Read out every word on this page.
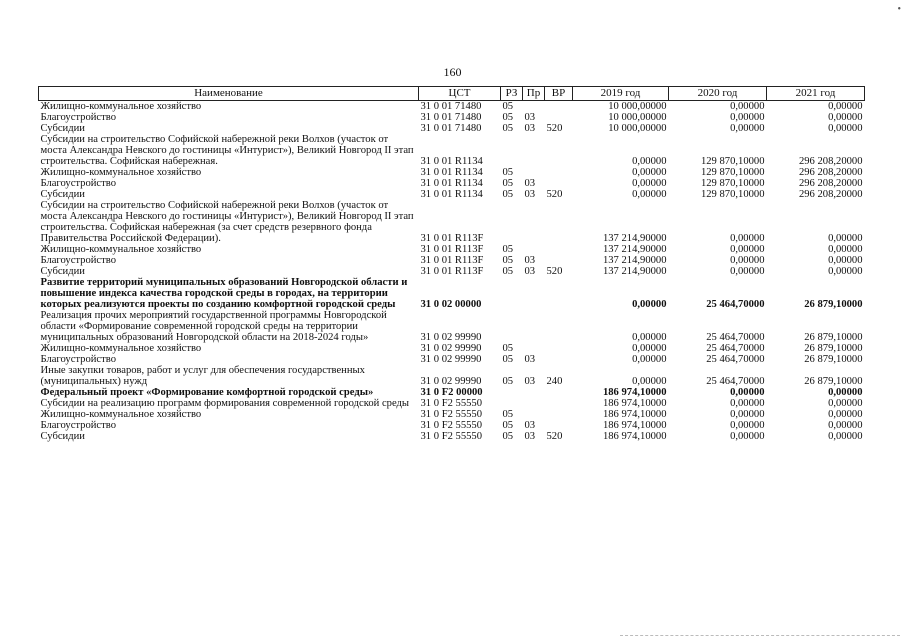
•
160
Наименование	ЦСТ	РЗ	Пр	ВР	2019 год	2020 год	2021 год
Жилищно-коммунальное хозяйство	31 0 01 71480	05			10 000,00000	0,00000	0,00000
Благоустройство	31 0 01 71480	05	03		10 000,00000	0,00000	0,00000
Субсидии	31 0 01 71480	05	03	520	10 000,00000	0,00000	0,00000
Субсидии на строительство Софийской набережной реки Волхов (участок от моста Александра Невского до гостиницы «Интурист»), Великий Новгород II этап строительства. Софийская набережная.	31 0 01 R1134				0,00000	129 870,10000	296 208,20000
Жилищно-коммунальное хозяйство	31 0 01 R1134	05			0,00000	129 870,10000	296 208,20000
Благоустройство	31 0 01 R1134	05	03		0,00000	129 870,10000	296 208,20000
Субсидии	31 0 01 R1134	05	03	520	0,00000	129 870,10000	296 208,20000
Субсидии на строительство Софийской набережной реки Волхов (участок от моста Александра Невского до гостиницы «Интурист»), Великий Новгород II этап строительства. Софийская набережная (за счет средств резервного фонда Правительства Российской Федерации).	31 0 01 R113F				137 214,90000	0,00000	0,00000
Жилищно-коммунальное хозяйство	31 0 01 R113F	05			137 214,90000	0,00000	0,00000
Благоустройство	31 0 01 R113F	05	03		137 214,90000	0,00000	0,00000
Субсидии	31 0 01 R113F	05	03	520	137 214,90000	0,00000	0,00000
Развитие территорий муниципальных образований Новгородской области и повышение индекса качества городской среды в городах, на территории которых реализуются проекты по созданию комфортной городской среды	31 0 02 00000				0,00000	25 464,70000	26 879,10000
Реализация прочих мероприятий государственной программы Новгородской области «Формирование современной городской среды на территории муниципальных образований Новгородской области на 2018-2024 годы»	31 0 02 99990				0,00000	25 464,70000	26 879,10000
Жилищно-коммунальное хозяйство	31 0 02 99990	05			0,00000	25 464,70000	26 879,10000
Благоустройство	31 0 02 99990	05	03		0,00000	25 464,70000	26 879,10000
Иные закупки товаров, работ и услуг для обеспечения государственных (муниципальных) нужд	31 0 02 99990	05	03	240	0,00000	25 464,70000	26 879,10000
Федеральный проект «Формирование комфортной городской среды»	31 0 F2 00000				186 974,10000	0,00000	0,00000
Субсидии на реализацию программ формирования современной городской среды	31 0 F2 55550				186 974,10000	0,00000	0,00000
Жилищно-коммунальное хозяйство	31 0 F2 55550	05			186 974,10000	0,00000	0,00000
Благоустройство	31 0 F2 55550	05	03		186 974,10000	0,00000	0,00000
Субсидии	31 0 F2 55550	05	03	520	186 974,10000	0,00000	0,00000
